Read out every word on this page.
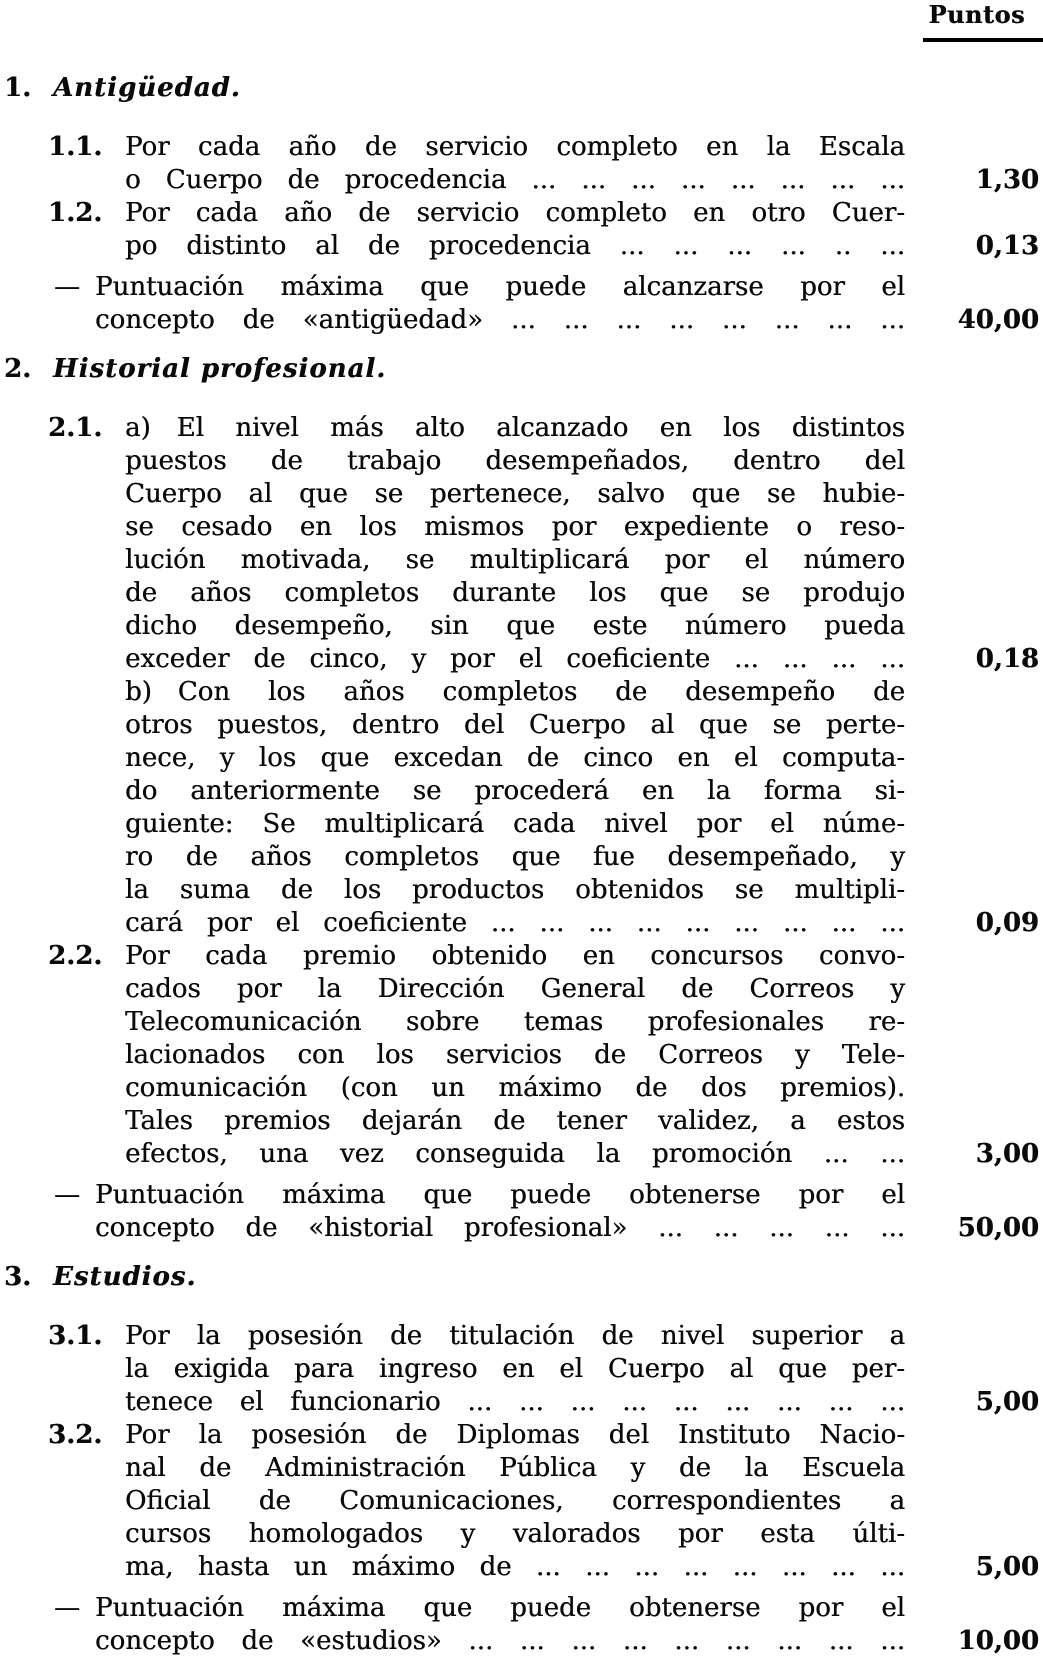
Puntos
1. Antigüedad.
1.1. Por cada año de servicio completo en la Escala
o Cuerpo de procedencia ... ... ... ... ... ... ... ...	1,30
1.2. Por cada año de servicio completo en otro Cuer-
po distinto al de procedencia ... ... ... ... .. ...	0,13
— Puntuación máxima que puede alcanzarse por el
concepto de «antigüedad» ... ... ... ... ... ... ... ...	40,00
2. Historial profesional.
2.1. a) El nivel más alto alcanzado en los distintos
puestos de trabajo desempeñados, dentro del
Cuerpo al que se pertenece, salvo que se hubie-
se cesado en los mismos por expediente o reso-
lución motivada, se multiplicará por el número
de años completos durante los que se produjo
dicho desempeño, sin que este número pueda
exceder de cinco, y por el coeficiente ... ... ... ...	0,18
b) Con los años completos de desempeño de
otros puestos, dentro del Cuerpo al que se perte-
nece, y los que excedan de cinco en el computa-
do anteriormente se procederá en la forma si-
guiente: Se multiplicará cada nivel por el núme-
ro de años completos que fue desempeñado, y
la suma de los productos obtenidos se multipli-
cará por el coeficiente ... ... ... ... ... ... ... ... ...	0,09
2.2. Por cada premio obtenido en concursos convo-
cados por la Dirección General de Correos y
Telecomunicación sobre temas profesionales re-
lacionados con los servicios de Correos y Tele-
comunicación (con un máximo de dos premios).
Tales premios dejarán de tener validez, a estos
efectos, una vez conseguida la promoción ... ...	3,00
— Puntuación máxima que puede obtenerse por el
concepto de «historial profesional» ... ... ... ... ...	50,00
3. Estudios.
3.1. Por la posesión de titulación de nivel superior a
la exigida para ingreso en el Cuerpo al que per-
tenece el funcionario ... ... ... ... ... ... ... ... ...	5,00
3.2. Por la posesión de Diplomas del Instituto Nacio-
nal de Administración Pública y de la Escuela
Oficial de Comunicaciones, correspondientes a
cursos homologados y valorados por esta últi-
ma, hasta un máximo de ... ... ... ... ... ... ... ...	5,00
— Puntuación máxima que puede obtenerse por el
concepto de «estudios» ... ... ... ... ... ... ... ... ...	10,00
